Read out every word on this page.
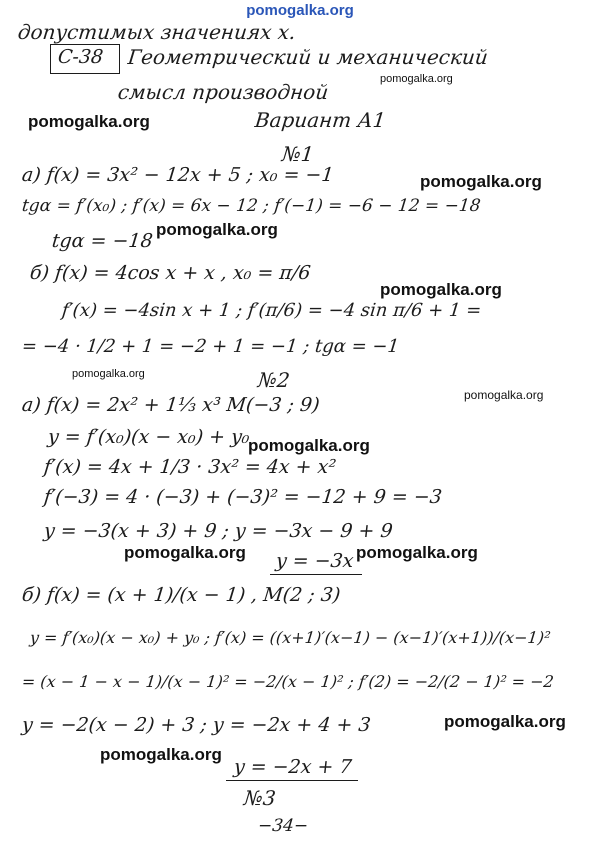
pomogalka.org
допустимых значениях x.
C-38 Геометрический и механический
смысл производной
Вариант А1
№1
а) f(x) = 3x² − 12x + 5 ; x₀ = −1
tgα = f′(x₀) ; f′(x) = 6x − 12 ; f′(−1) = −6 − 12 = −18
tgα = −18
б) f(x) = 4cos x + x , x₀ = π/6
f′(x) = −4sin x + 1 ; f′(π/6) = −4 sin π/6 + 1 =
= −4 · 1/2 + 1 = −2 + 1 = −1 ; tgα = −1
№2
а) f(x) = 2x² + 1⅓ x³ M(−3 ; 9)
y = f′(x₀)(x − x₀) + y₀
f′(x) = 4x + 1/3 · 3x² = 4x + x²
f′(−3) = 4 · (−3) + (−3)² = −12 + 9 = −3
y = −3(x + 3) + 9 ; y = −3x − 9 + 9
y = −3x
б) f(x) = (x + 1)/(x − 1) , M(2 ; 3)
y = f′(x₀)(x − x₀) + y₀ ; f′(x) = ((x+1)′(x−1) − (x−1)′(x+1))/(x−1)²
= (x − 1 − x − 1)/(x − 1)² = −2/(x − 1)² ; f′(2) = −2/(2 − 1)² = −2
y = −2(x − 2) + 3 ; y = −2x + 4 + 3
y = −2x + 7
№3
−34−
pomogalka.org
pomogalka.org
pomogalka.org
pomogalka.org
pomogalka.org
pomogalka.org
pomogalka.org
pomogalka.org
pomogalka.org	pomogalka.org
pomogalka.org
pomogalka.org
